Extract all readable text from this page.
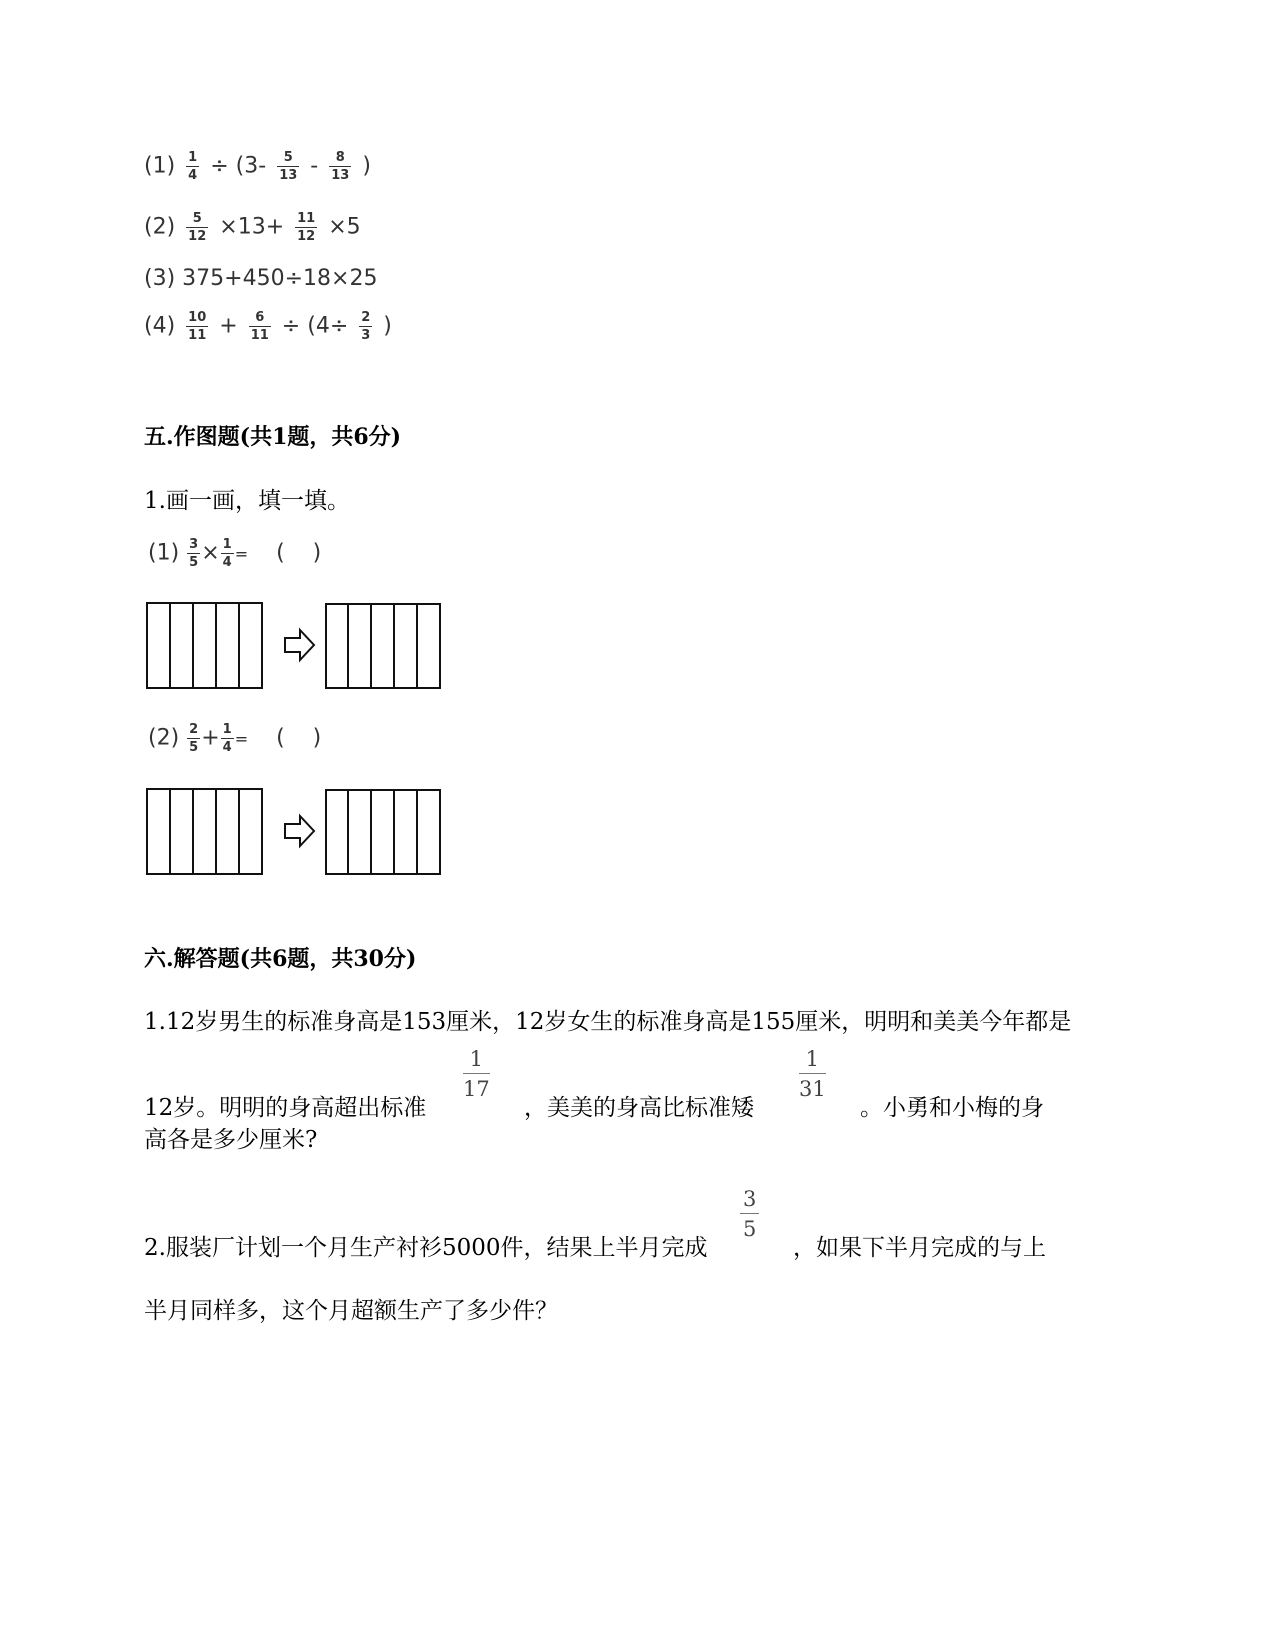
$(1) \frac{1}{4} \div (3- \frac{5}{13} - \frac{8}{13}$ )
$(2) \frac{5}{12} \times 13+ \frac{11}{12} \times 5$
(3) 375+450÷18×25
$(4) \frac{10}{11} + \frac{6}{11} \div (4\div \frac{2}{3}$ )
五.作图题(共1题，共6分)
1.画一画，填一填。
$(1) \frac{3}{5} \times \frac{1}{4}$ = (    )
$(2) \frac{2}{5} + \frac{1}{4}$ = (    )
六.解答题(共6题，共30分)
1.12岁男生的标准身高是153厘米，12岁女生的标准身高是155厘米，明明和美美今年都是
12岁。明明的身高超出标准
1
17
，美美的身高比标准矮
1
31
。小勇和小梅的身
高各是多少厘米?
2.服装厂计划一个月生产衬衫5000件，结果上半月完成
3
5
，如果下半月完成的与上
半月同样多，这个月超额生产了多少件？
